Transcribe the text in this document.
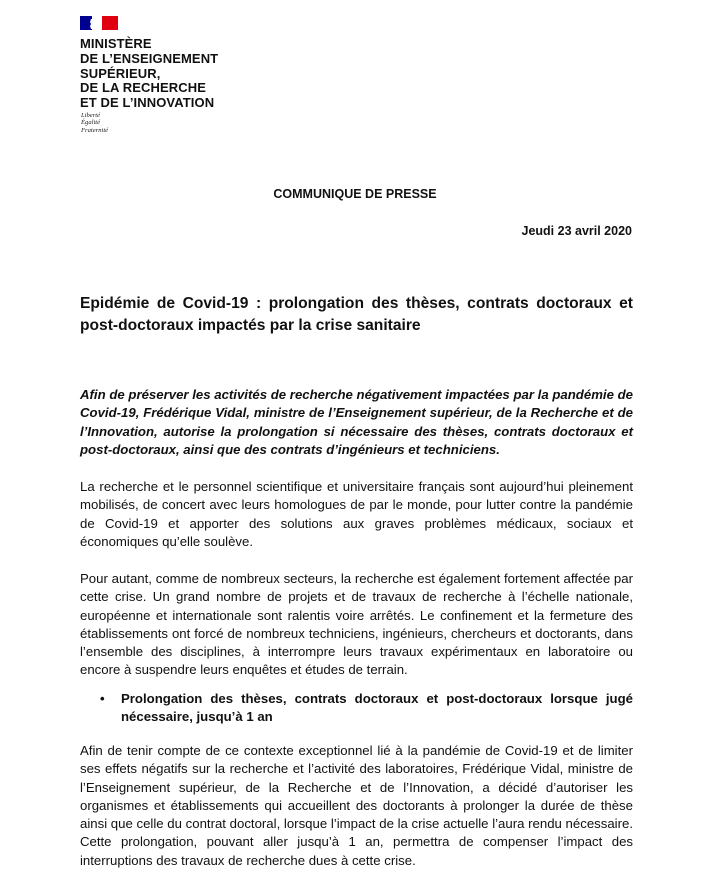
MINISTÈRE
DE L’ENSEIGNEMENT
SUPÉRIEUR,
DE LA RECHERCHE
ET DE L’INNOVATION
Liberté
Égalité
Fraternité
COMMUNIQUE DE PRESSE
Jeudi 23 avril 2020
Epidémie de Covid-19 : prolongation des thèses, contrats doctoraux et post-doctoraux impactés par la crise sanitaire
Afin de préserver les activités de recherche négativement impactées par la pandémie de Covid-19, Frédérique Vidal, ministre de l’Enseignement supérieur, de la Recherche et de l’Innovation, autorise la prolongation si nécessaire des thèses, contrats doctoraux et post-doctoraux, ainsi que des contrats d’ingénieurs et techniciens.
La recherche et le personnel scientifique et universitaire français sont aujourd’hui pleinement mobilisés, de concert avec leurs homologues de par le monde, pour lutter contre la pandémie de Covid-19 et apporter des solutions aux graves problèmes médicaux, sociaux et économiques qu’elle soulève.
Pour autant, comme de nombreux secteurs, la recherche est également fortement affectée par cette crise. Un grand nombre de projets et de travaux de recherche à l’échelle nationale, européenne et internationale sont ralentis voire arrêtés. Le confinement et la fermeture des établissements ont forcé de nombreux techniciens, ingénieurs, chercheurs et doctorants, dans l’ensemble des disciplines, à interrompre leurs travaux expérimentaux en laboratoire ou encore à suspendre leurs enquêtes et études de terrain.
• Prolongation des thèses, contrats doctoraux et post-doctoraux lorsque jugé nécessaire, jusqu’à 1 an
Afin de tenir compte de ce contexte exceptionnel lié à la pandémie de Covid-19 et de limiter ses effets négatifs sur la recherche et l’activité des laboratoires, Frédérique Vidal, ministre de l’Enseignement supérieur, de la Recherche et de l’Innovation, a décidé d’autoriser les organismes et établissements qui accueillent des doctorants à prolonger la durée de thèse ainsi que celle du contrat doctoral, lorsque l’impact de la crise actuelle l’aura rendu nécessaire. Cette prolongation, pouvant aller jusqu’à 1 an, permettra de compenser l’impact des interruptions des travaux de recherche dues à cette crise.
